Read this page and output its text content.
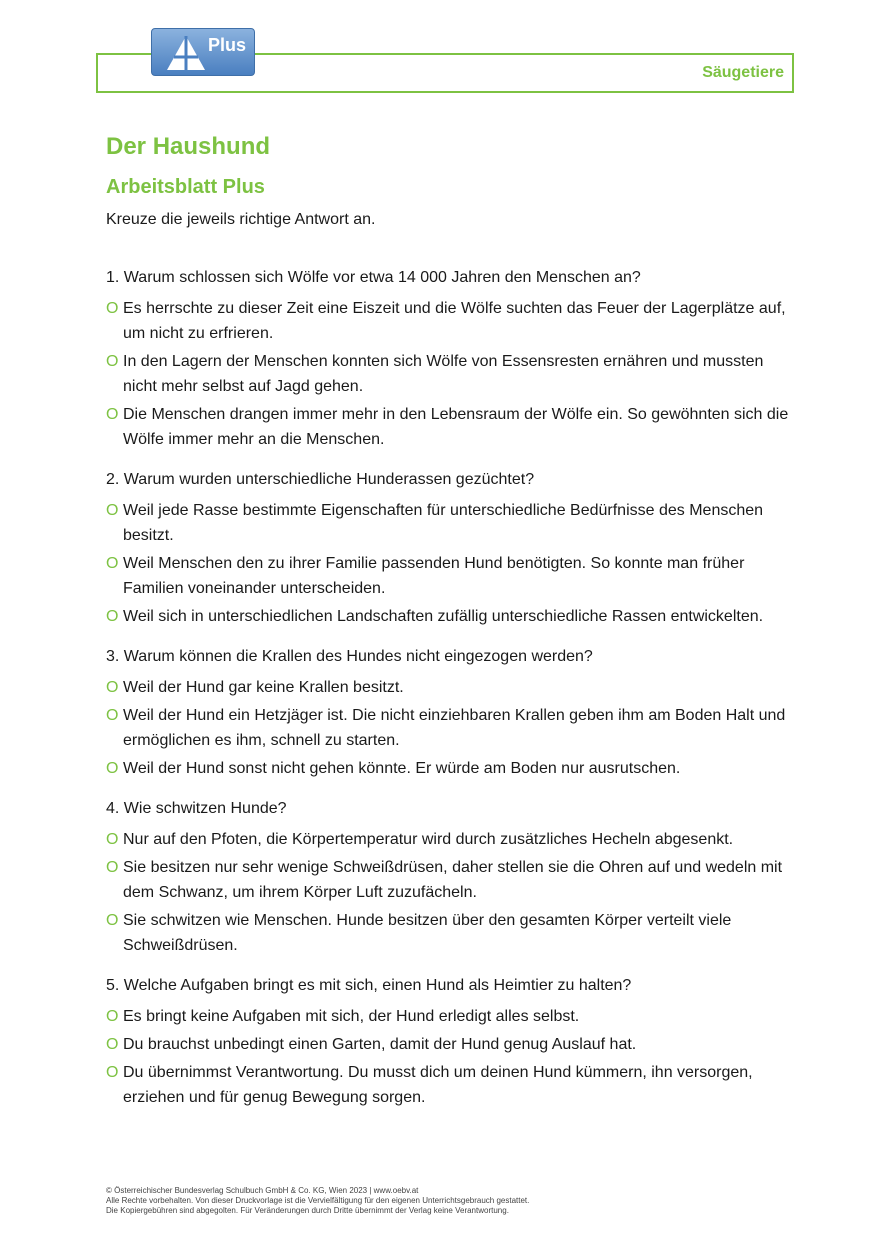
Säugetiere
Plus
Der Haushund
Arbeitsblatt Plus

Kreuze die jeweils richtige Antwort an.

1. Warum schlossen sich Wölfe vor etwa 14 000 Jahren den Menschen an?

O Es herrschte zu dieser Zeit eine Eiszeit und die Wölfe suchten das Feuer der Lagerplätze auf, um nicht zu erfrieren.
O In den Lagern der Menschen konnten sich Wölfe von Essensresten ernähren und mussten nicht mehr selbst auf Jagd gehen.
O Die Menschen drangen immer mehr in den Lebensraum der Wölfe ein. So gewöhnten sich die Wölfe immer mehr an die Menschen.

2. Warum wurden unterschiedliche Hunderassen gezüchtet?

O Weil jede Rasse bestimmte Eigenschaften für unterschiedliche Bedürfnisse des Menschen besitzt.
O Weil Menschen den zu ihrer Familie passenden Hund benötigten. So konnte man früher Familien voneinander unterscheiden.
O Weil sich in unterschiedlichen Landschaften zufällig unterschiedliche Rassen entwickelten.

3. Warum können die Krallen des Hundes nicht eingezogen werden?

O Weil der Hund gar keine Krallen besitzt.
O Weil der Hund ein Hetzjäger ist. Die nicht einziehbaren Krallen geben ihm am Boden Halt und ermöglichen es ihm, schnell zu starten.
O Weil der Hund sonst nicht gehen könnte. Er würde am Boden nur ausrutschen.

4. Wie schwitzen Hunde?

O Nur auf den Pfoten, die Körpertemperatur wird durch zusätzliches Hecheln abgesenkt.
O Sie besitzen nur sehr wenige Schweißdrüsen, daher stellen sie die Ohren auf und wedeln mit dem Schwanz, um ihrem Körper Luft zuzufächeln.
O Sie schwitzen wie Menschen. Hunde besitzen über den gesamten Körper verteilt viele Schweißdrüsen.

5. Welche Aufgaben bringt es mit sich, einen Hund als Heimtier zu halten?

O Es bringt keine Aufgaben mit sich, der Hund erledigt alles selbst.
O Du brauchst unbedingt einen Garten, damit der Hund genug Auslauf hat.
O Du übernimmst Verantwortung. Du musst dich um deinen Hund kümmern, ihn versorgen, erziehen und für genug Bewegung sorgen.
© Österreichischer Bundesverlag Schulbuch GmbH & Co. KG, Wien 2023 | www.oebv.at
Alle Rechte vorbehalten. Von dieser Druckvorlage ist die Vervielfältigung für den eigenen Unterrichtsgebrauch gestattet.
Die Kopiergebühren sind abgegolten. Für Veränderungen durch Dritte übernimmt der Verlag keine Verantwortung.
